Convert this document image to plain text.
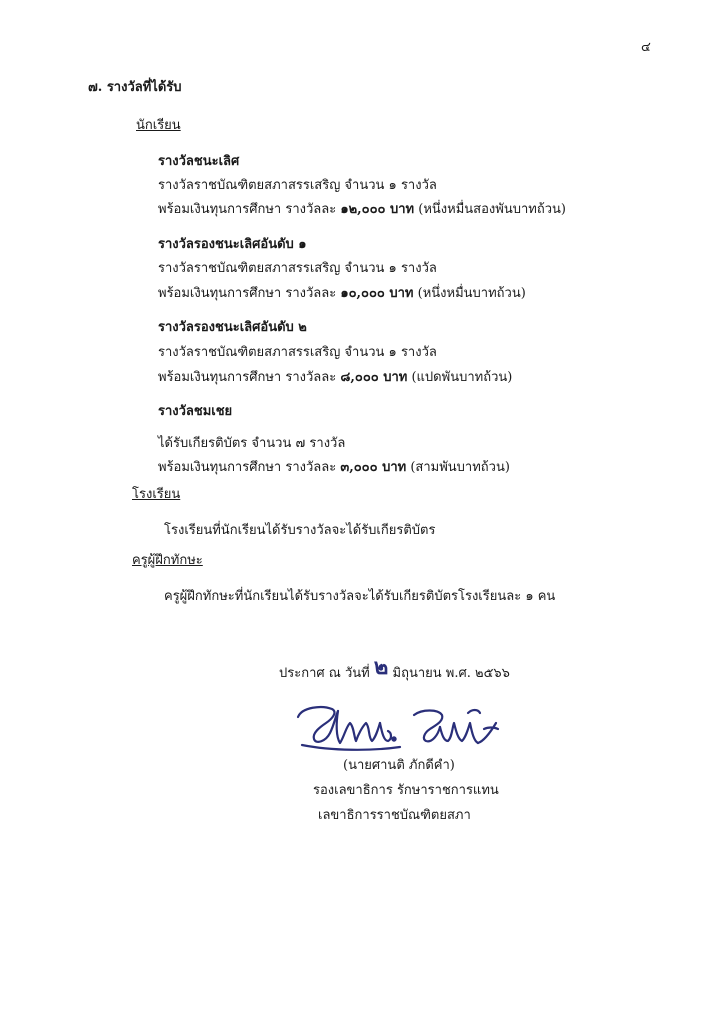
๔
๗. รางวัลที่ได้รับ
นักเรียน
รางวัลชนะเลิศ
รางวัลราชบัณฑิตยสภาสรรเสริญ จำนวน ๑ รางวัล
พร้อมเงินทุนการศึกษา รางวัลละ ๑๒,๐๐๐ บาท (หนึ่งหมื่นสองพันบาทถ้วน)
รางวัลรองชนะเลิศอันดับ ๑
รางวัลราชบัณฑิตยสภาสรรเสริญ จำนวน ๑ รางวัล
พร้อมเงินทุนการศึกษา รางวัลละ ๑๐,๐๐๐ บาท (หนึ่งหมื่นบาทถ้วน)
รางวัลรองชนะเลิศอันดับ ๒
รางวัลราชบัณฑิตยสภาสรรเสริญ จำนวน ๑ รางวัล
พร้อมเงินทุนการศึกษา รางวัลละ ๘,๐๐๐ บาท (แปดพันบาทถ้วน)
รางวัลชมเชย
ได้รับเกียรติบัตร จำนวน ๗ รางวัล
พร้อมเงินทุนการศึกษา รางวัลละ ๓,๐๐๐ บาท (สามพันบาทถ้วน)
โรงเรียน
โรงเรียนที่นักเรียนได้รับรางวัลจะได้รับเกียรติบัตร
ครูผู้ฝึกทักษะ
ครูผู้ฝึกทักษะที่นักเรียนได้รับรางวัลจะได้รับเกียรติบัตรโรงเรียนละ ๑ คน
ประกาศ ณ วันที่ ๒ มิถุนายน พ.ศ. ๒๕๖๖
(นายศานติ ภักดีคำ)
รองเลขาธิการ รักษาราชการแทน
เลขาธิการราชบัณฑิตยสภา
